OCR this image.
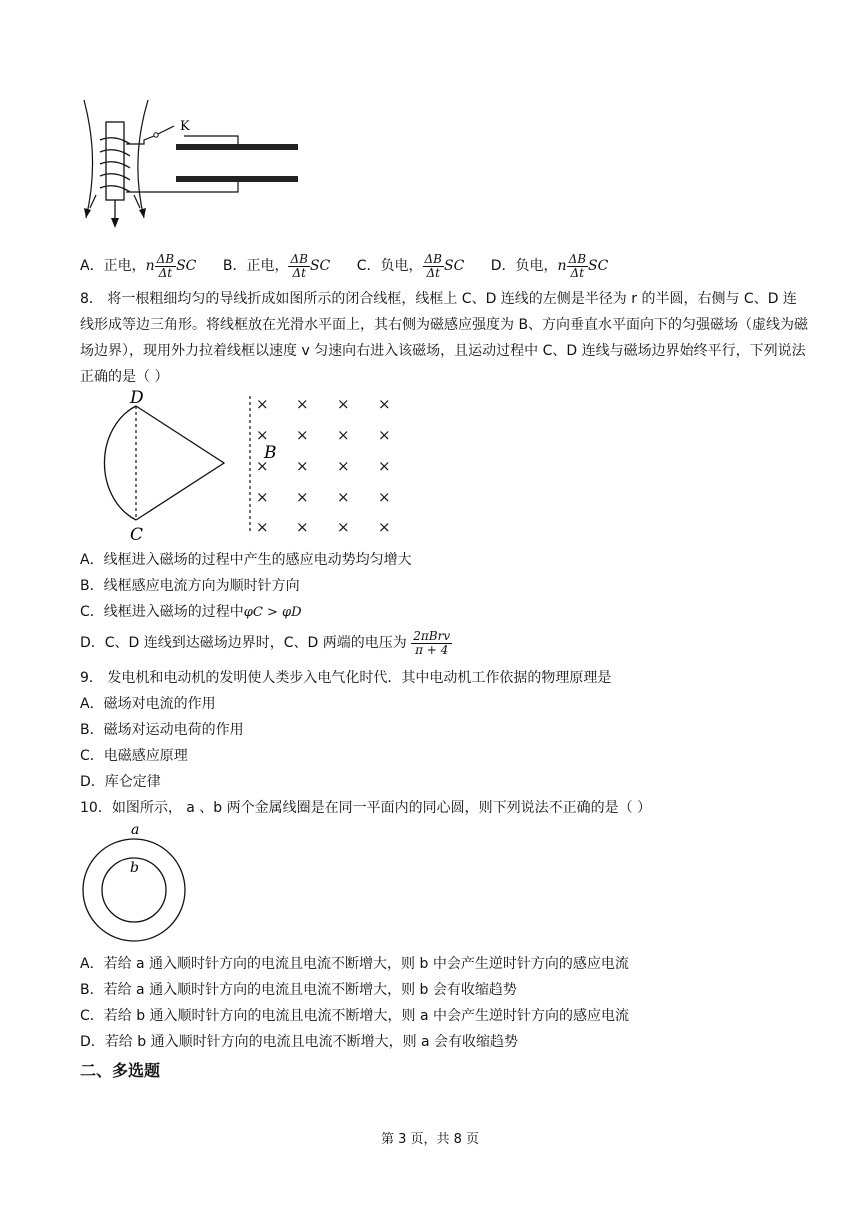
K
A．正电，n $\frac{\Delta B}{\Delta t}$ SC B．正电， $\frac{\Delta B}{\Delta t}$ SC C．负电， $\frac{\Delta B}{\Delta t}$ SC D．负电，n $\frac{\Delta B}{\Delta t}$ SC
8． 将一根粗细均匀的导线折成如图所示的闭合线框，线框上 C、D 连线的左侧是半径为 r 的半圆，右侧与 C、D 连线形成等边三角形。将线框放在光滑水平面上，其右侧为磁感应强度为 B、方向垂直水平面向下的匀强磁场（虚线为磁场边界），现用外力拉着线框以速度 v 匀速向右进入该磁场，且运动过程中 C、D 连线与磁场边界始终平行，下列说法正确的是（ ）
D
C
B
× × × ×
× × × ×
× × × ×
× × × ×
× × × ×
A．线框进入磁场的过程中产生的感应电动势均匀增大
B．线框感应电流方向为顺时针方向
C．线框进入磁场的过程中φC > φD
D．C、D 连线到达磁场边界时，C、D 两端的电压为 $\frac{\text{2πBrv}}{\pi + 4}$
9． 发电机和电动机的发明使人类步入电气化时代．其中电动机工作依据的物理原理是
A．磁场对电流的作用
B．磁场对运动电荷的作用
C．电磁感应原理
D．库仑定律
10．如图所示， a 、b 两个金属线圈是在同一平面内的同心圆，则下列说法不正确的是（ ）
a
b
A．若给 a 通入顺时针方向的电流且电流不断增大，则 b 中会产生逆时针方向的感应电流
B．若给 a 通入顺时针方向的电流且电流不断增大，则 b 会有收缩趋势
C．若给 b 通入顺时针方向的电流且电流不断增大，则 a 中会产生逆时针方向的感应电流
D．若给 b 通入顺时针方向的电流且电流不断增大，则 a 会有收缩趋势
二、多选题
第 3 页，共 8 页
